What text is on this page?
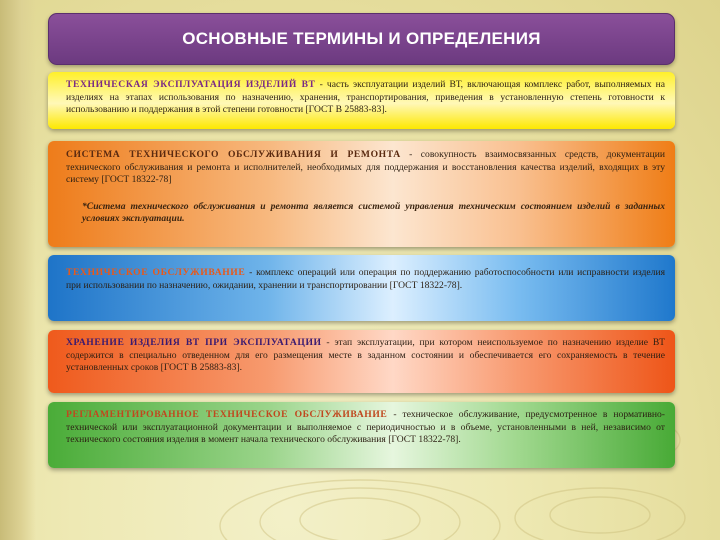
ОСНОВНЫЕ ТЕРМИНЫ И ОПРЕДЕЛЕНИЯ

ТЕХНИЧЕСКАЯ ЭКСПЛУАТАЦИЯ ИЗДЕЛИЙ ВТ - часть эксплуатации изделий ВТ, включающая комплекс работ, выполняемых на изделиях на этапах использования по назначению, хранения, транспортирования, приведения в установленную степень готовности к использованию и поддержания в этой степени готовности [ГОСТ В 25883-83].

СИСТЕМА ТЕХНИЧЕСКОГО ОБСЛУЖИВАНИЯ И РЕМОНТА - совокупность взаимосвязанных средств, документации технического обслуживания и ремонта и исполнителей, необходимых для поддержания и восстановления качества изделий, входящих в эту систему [ГОСТ 18322-78]

*Система технического обслуживания и ремонта является системой управления техническим состоянием изделий в заданных условиях эксплуатации.

ТЕХНИЧЕСКОЕ ОБСЛУЖИВАНИЕ - комплекс операций или операция по поддержанию работоспособности или исправности изделия при использовании по назначению, ожидании, хранении и транспортировании [ГОСТ 18322-78].

ХРАНЕНИЕ ИЗДЕЛИЯ ВТ ПРИ ЭКСПЛУАТАЦИИ - этап эксплуатации, при котором неиспользуемое по назначению изделие ВТ содержится в специально отведенном для его размещения месте в заданном состоянии и обеспечивается его сохраняемость в течение установленных сроков [ГОСТ В 25883-83].

РЕГЛАМЕНТИРОВАННОЕ ТЕХНИЧЕСКОЕ ОБСЛУЖИВАНИЕ - техническое обслуживание, предусмотренное в нормативно-технической или эксплуатационной документации и выполняемое с периодичностью и в объеме, установленными в ней, независимо от технического состояния изделия в момент начала технического обслуживания [ГОСТ 18322-78].
